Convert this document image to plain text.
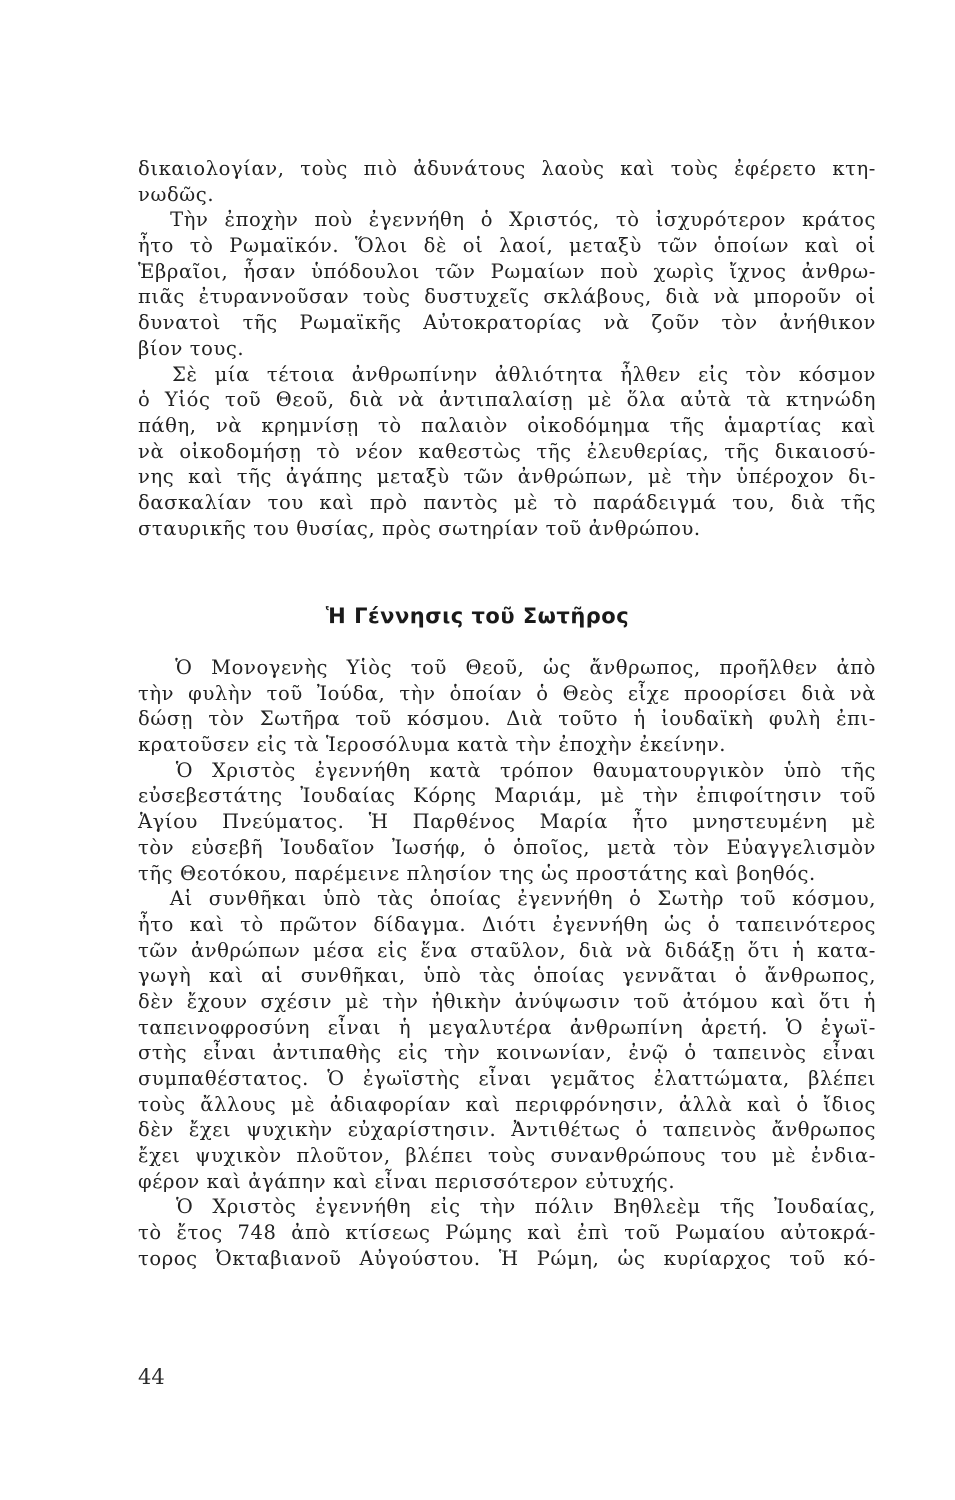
δικαιολογίαν, τοὺς πιὸ ἀδυνάτους λαοὺς καὶ τοὺς ἐφέρετο κτη-
νωδῶς.
Τὴν ἐποχὴν ποὺ ἐγεννήθη ὁ Χριστός, τὸ ἰσχυρότερον κράτος
ἦτο τὸ Ρωμαϊκόν. Ὅλοι δὲ οἱ λαοί, μεταξὺ τῶν ὁποίων καὶ οἱ
Ἑβραῖοι, ἦσαν ὑπόδουλοι τῶν Ρωμαίων ποὺ χωρὶς ἴχνος ἀνθρω-
πιᾶς ἐτυραννοῦσαν τοὺς δυστυχεῖς σκλάβους, διὰ νὰ μποροῦν οἱ
δυνατοὶ τῆς Ρωμαϊκῆς Αὐτοκρατορίας νὰ ζοῦν τὸν ἀνήθικον
βίον τους.
Σὲ μία τέτοια ἀνθρωπίνην ἀθλιότητα ἦλθεν εἰς τὸν κόσμον
ὁ Υἱός τοῦ Θεοῦ, διὰ νὰ ἀντιπαλαίσῃ μὲ ὅλα αὐτὰ τὰ κτηνώδη
πάθη, νὰ κρημνίσῃ τὸ παλαιὸν οἰκοδόμημα τῆς ἁμαρτίας καὶ
νὰ οἰκοδομήσῃ τὸ νέον καθεστὼς τῆς ἐλευθερίας, τῆς δικαιοσύ-
νης καὶ τῆς ἀγάπης μεταξὺ τῶν ἀνθρώπων, μὲ τὴν ὑπέροχον δι-
δασκαλίαν του καὶ πρὸ παντὸς μὲ τὸ παράδειγμά του, διὰ τῆς
σταυρικῆς του θυσίας, πρὸς σωτηρίαν τοῦ ἀνθρώπου.
Ἡ Γέννησις τοῦ Σωτῆρος
Ὁ Μονογενὴς Υἱὸς τοῦ Θεοῦ, ὡς ἄνθρωπος, προῆλθεν ἀπὸ
τὴν φυλὴν τοῦ Ἰούδα, τὴν ὁποίαν ὁ Θεὸς εἶχε προορίσει διὰ νὰ
δώσῃ τὸν Σωτῆρα τοῦ κόσμου. Διὰ τοῦτο ἡ ἰουδαϊκὴ φυλὴ ἐπι-
κρατοῦσεν εἰς τὰ Ἱεροσόλυμα κατὰ τὴν ἐποχὴν ἐκείνην.
Ὁ Χριστὸς ἐγεννήθη κατὰ τρόπον θαυματουργικὸν ὑπὸ τῆς
εὐσεβεστάτης Ἰουδαίας Κόρης Μαριάμ, μὲ τὴν ἐπιφοίτησιν τοῦ
Ἁγίου Πνεύματος. Ἡ Παρθένος Μαρία ἦτο μνηστευμένη μὲ
τὸν εὐσεβῆ Ἰουδαῖον Ἰωσήφ, ὁ ὁποῖος, μετὰ τὸν Εὐαγγελισμὸν
τῆς Θεοτόκου, παρέμεινε πλησίον της ὡς προστάτης καὶ βοηθός.
Αἱ συνθῆκαι ὑπὸ τὰς ὁποίας ἐγεννήθη ὁ Σωτὴρ τοῦ κόσμου,
ἦτο καὶ τὸ πρῶτον δίδαγμα. Διότι ἐγεννήθη ὡς ὁ ταπεινότερος
τῶν ἀνθρώπων μέσα εἰς ἕνα σταῦλον, διὰ νὰ διδάξῃ ὅτι ἡ κατα-
γωγὴ καὶ αἱ συνθῆκαι, ὑπὸ τὰς ὁποίας γεννᾶται ὁ ἄνθρωπος,
δὲν ἔχουν σχέσιν μὲ τὴν ἠθικὴν ἀνύψωσιν τοῦ ἀτόμου καὶ ὅτι ἡ
ταπεινοφροσύνη εἶναι ἡ μεγαλυτέρα ἀνθρωπίνη ἀρετή. Ὁ ἐγωϊ-
στὴς εἶναι ἀντιπαθὴς εἰς τὴν κοινωνίαν, ἐνῷ ὁ ταπεινὸς εἶναι
συμπαθέστατος. Ὁ ἐγωϊστὴς εἶναι γεμᾶτος ἐλαττώματα, βλέπει
τοὺς ἄλλους μὲ ἀδιαφορίαν καὶ περιφρόνησιν, ἀλλὰ καὶ ὁ ἴδιος
δὲν ἔχει ψυχικὴν εὐχαρίστησιν. Ἀντιθέτως ὁ ταπεινὸς ἄνθρωπος
ἔχει ψυχικὸν πλοῦτον, βλέπει τοὺς συνανθρώπους του μὲ ἐνδια-
φέρον καὶ ἀγάπην καὶ εἶναι περισσότερον εὐτυχής.
Ὁ Χριστὸς ἐγεννήθη εἰς τὴν πόλιν Βηθλεὲμ τῆς Ἰουδαίας,
τὸ ἔτος 748 ἀπὸ κτίσεως Ρώμης καὶ ἐπὶ τοῦ Ρωμαίου αὐτοκρά-
τορος Ὀκταβιανοῦ Αὐγούστου. Ἡ Ρώμη, ὡς κυρίαρχος τοῦ κό-
44
